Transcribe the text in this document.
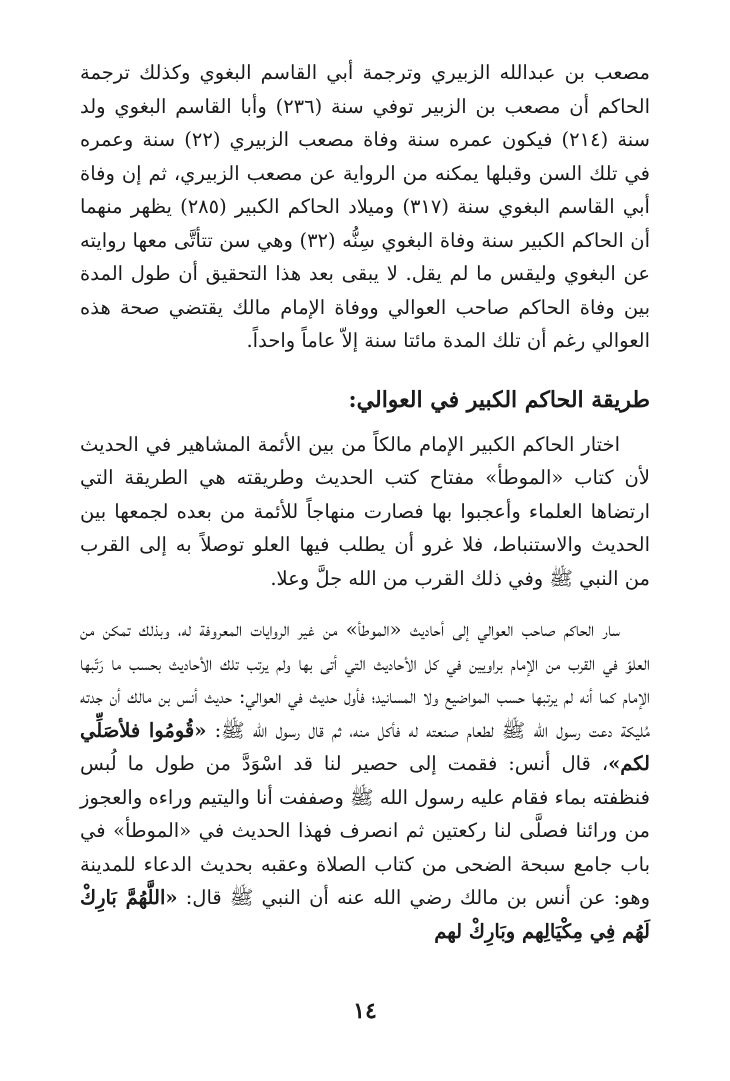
مصعب بن عبدالله الزبيري وترجمة أبي القاسم البغوي وكذلك ترجمة الحاكم أن مصعب بن الزبير توفي سنة (٢٣٦) وأبا القاسم البغوي ولد سنة (٢١٤) فيكون عمره سنة وفاة مصعب الزبيري (٢٢) سنة وعمره في تلك السن وقبلها يمكنه من الرواية عن مصعب الزبيري، ثم إن وفاة أبي القاسم البغوي سنة (٣١٧) وميلاد الحاكم الكبير (٢٨٥) يظهر منهما أن الحاكم الكبير سنة وفاة البغوي سِنُّه (٣٢) وهي سن تتأتَّى معها روايته عن البغوي وليقس ما لم يقل. لا يبقى بعد هذا التحقيق أن طول المدة بين وفاة الحاكم صاحب العوالي ووفاة الإمام مالك يقتضي صحة هذه العوالي رغم أن تلك المدة مائتا سنة إلاّ عاماً واحداً.

طريقة الحاكم الكبير في العوالي:

اختار الحاكم الكبير الإمام مالكاً من بين الأئمة المشاهير في الحديث لأن كتاب «الموطأ» مفتاح كتب الحديث وطريقته هي الطريقة التي ارتضاها العلماء وأعجبوا بها فصارت منهاجاً للأئمة من بعده لجمعها بين الحديث والاستنباط، فلا غرو أن يطلب فيها العلو توصلاً به إلى القرب من النبي ﷺ وفي ذلك القرب من الله جلَّ وعلا.

سار الحاكم صاحب العوالي إلى أحاديث «الموطأ» من غير الروايات المعروفة له، وبذلك تمكن من العلوّ في القرب من الإمام براويين في كل الأحاديث التي أتى بها ولم يرتب تلك الأحاديث بحسب ما رَتّبها الإمام كما أنه لم يرتبها حسب المواضيع ولا المسانيد؛ فأول حديث في العوالي: حديث أنس بن مالك أن جدته مُليكة دعت رسول الله ﷺ لطعام صنعته له فأكل منه، ثم قال رسول الله ﷺ: «قُومُوا فلأصَلِّي لكم»، قال أنس: فقمت إلى حصير لنا قد اسْوَدَّ من طول ما لُبس فنظفته بماء فقام عليه رسول الله ﷺ وصففت أنا واليتيم وراءه والعجوز من ورائنا فصلَّى لنا ركعتين ثم انصرف فهذا الحديث في «الموطأ» في باب جامع سبحة الضحى من كتاب الصلاة وعقبه بحديث الدعاء للمدينة وهو: عن أنس بن مالك رضي الله عنه أن النبي ﷺ قال: «اللَّهُمَّ بَارِكْ لَهُم فِي مِكْيَالِهم وبَارِكْ لهم

١٤
